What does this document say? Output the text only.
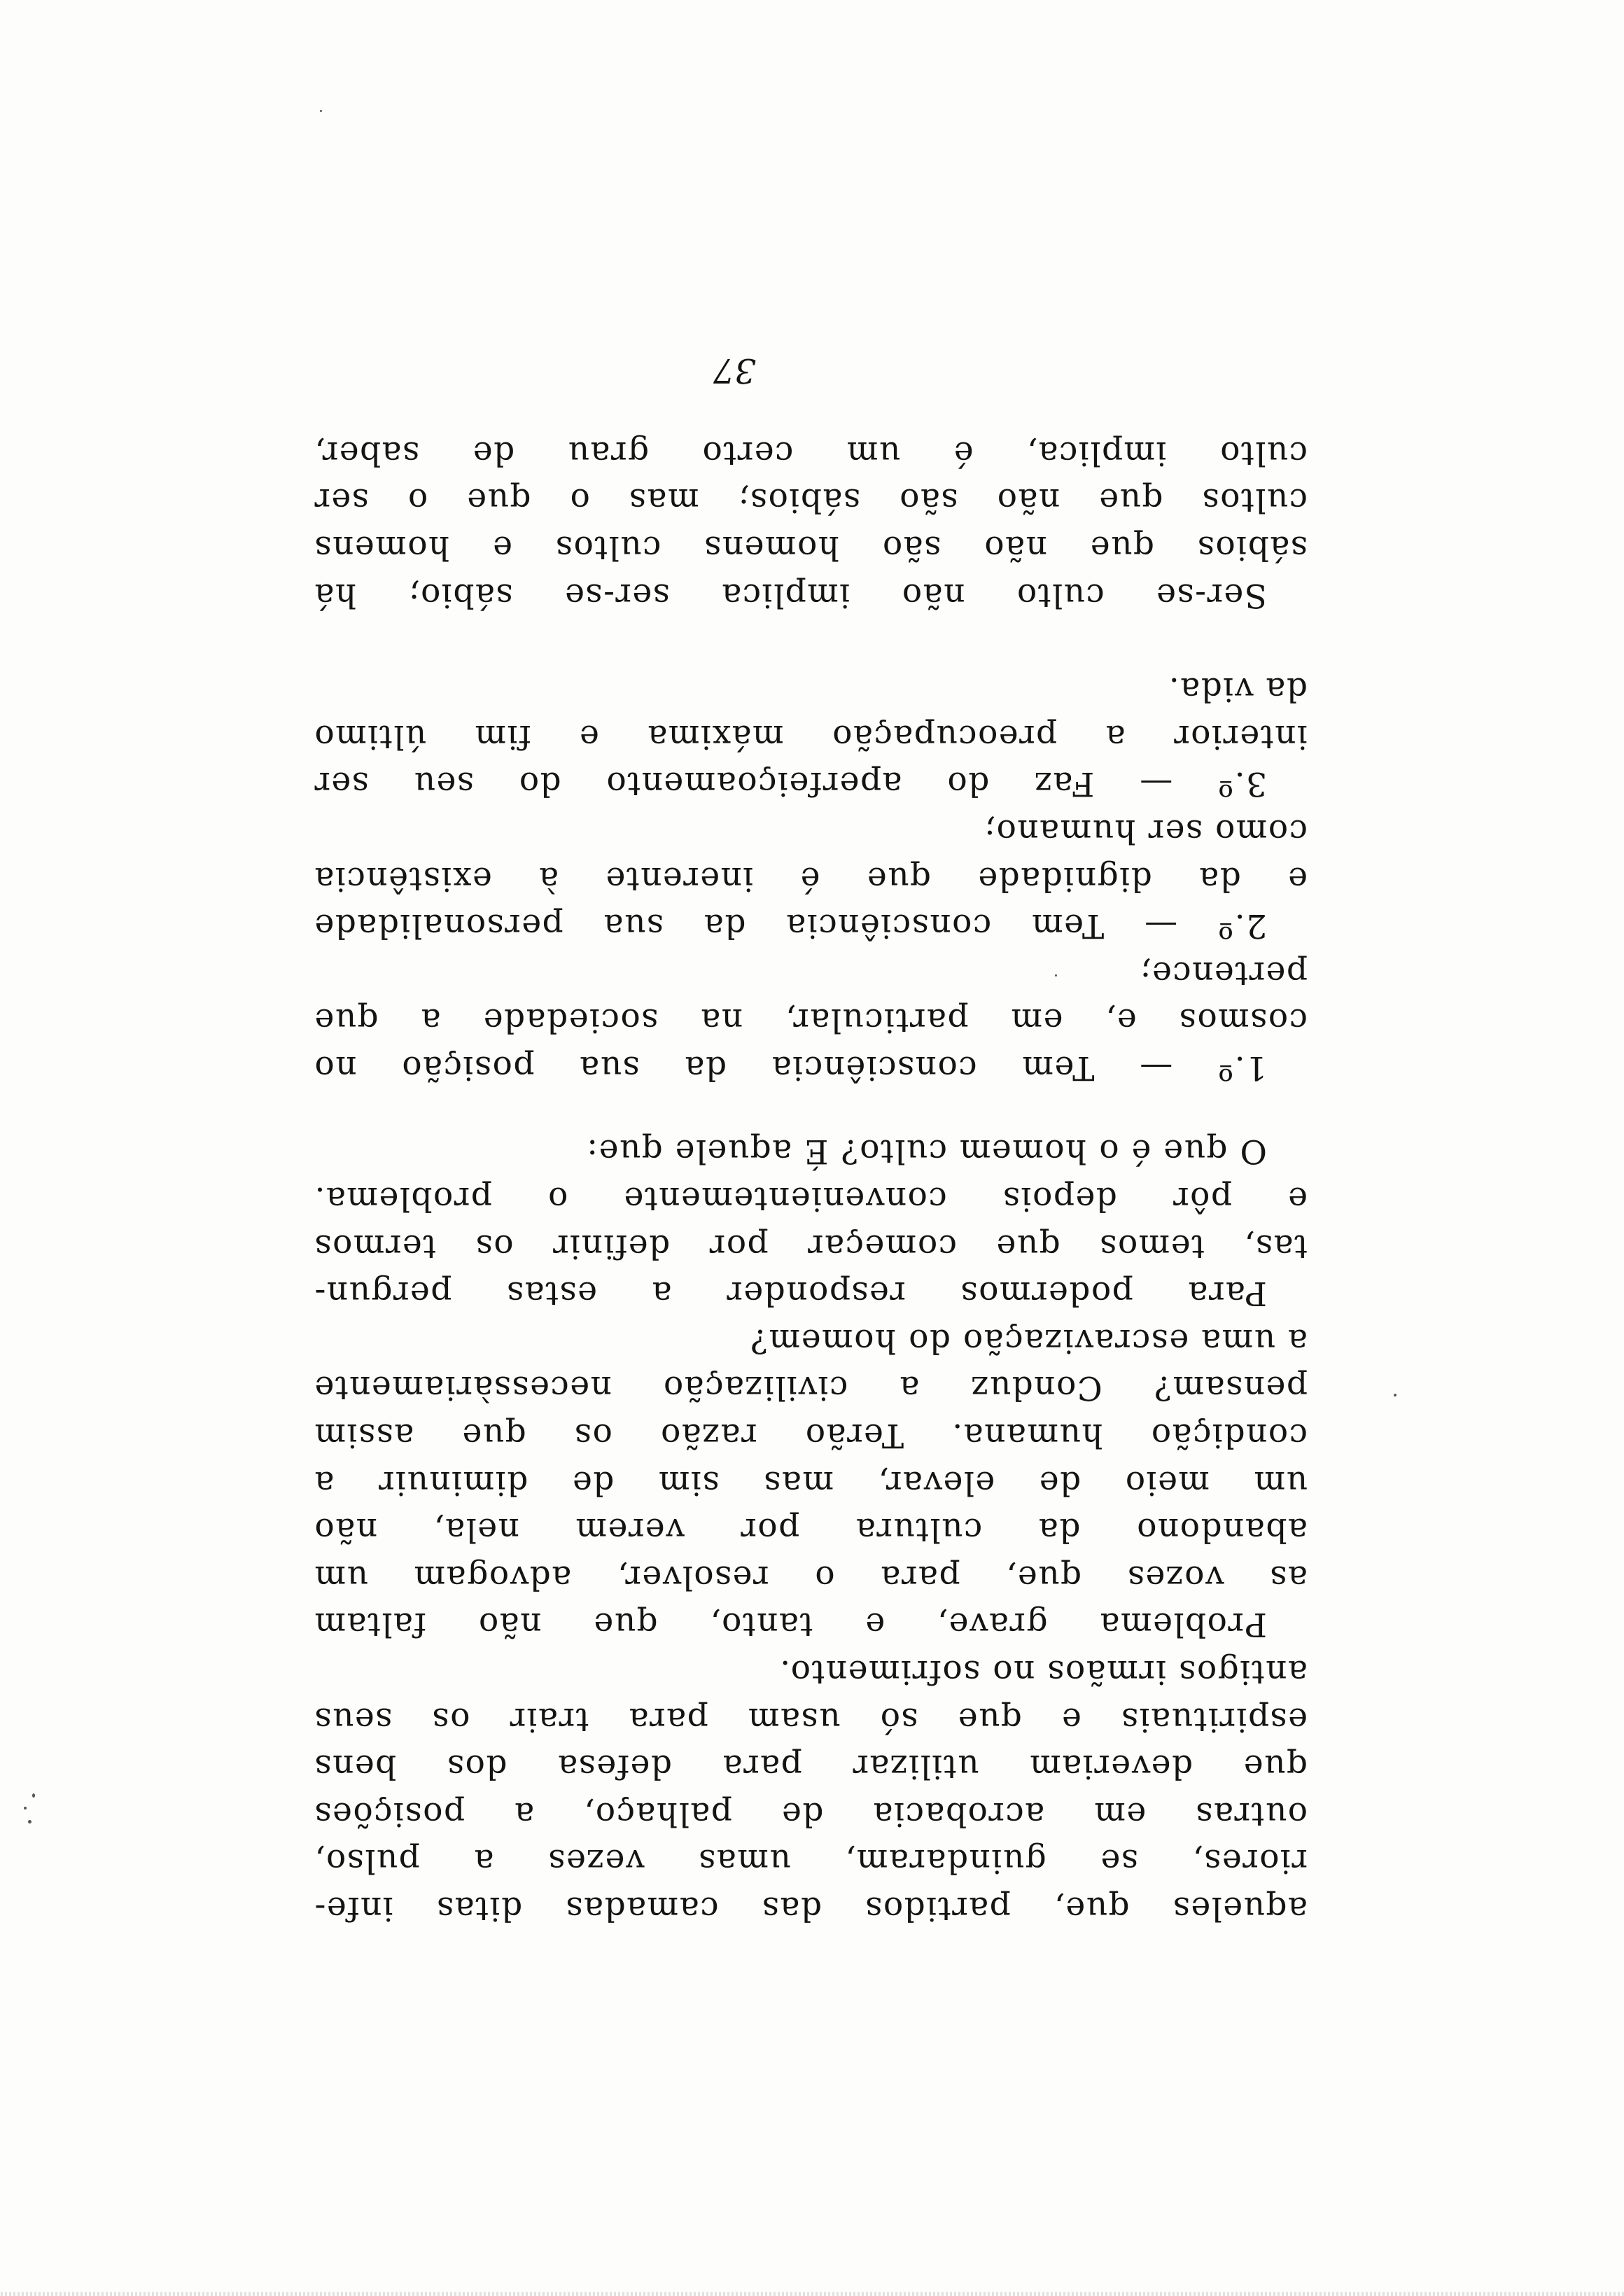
aqueles que, partidos das camadas ditas infe-
riores, se guindaram, umas vezes a pulso,
outras em acrobacia de palhaço, a posições
que deveriam utilizar para defesa dos bens
espirituais e que só usam para trair os seus
antigos irmãos no sofrimento.
Problema grave, e tanto, que não faltam
as vozes que, para o resolver, advogam um
abandono da cultura por verem nela, não
um meio de elevar, mas sim de diminuir a
condição humana. Terão razão os que assim
pensam? Conduz a civilização necessàriamente
a uma escravização do homem?
Para podermos responder a estas pergun-
tas, temos que começar por definir os termos
e pôr depois convenientemente o problema.
O que é o homem culto? É aquele que:
1.º — Tem consciência da sua posição no
cosmos e, em particular, na sociedade a que
pertence;
2.º — Tem consciência da sua personalidade
e da dignidade que é inerente à existência
como ser humano;
3.º — Faz do aperfeiçoamento do seu ser
interior a preocupação máxima e fim último
da vida.
Ser-se culto não implica ser-se sábio; há
sábios que não são homens cultos e homens
cultos que não são sábios; mas o que o ser
culto implica, é um certo grau de saber,
37
